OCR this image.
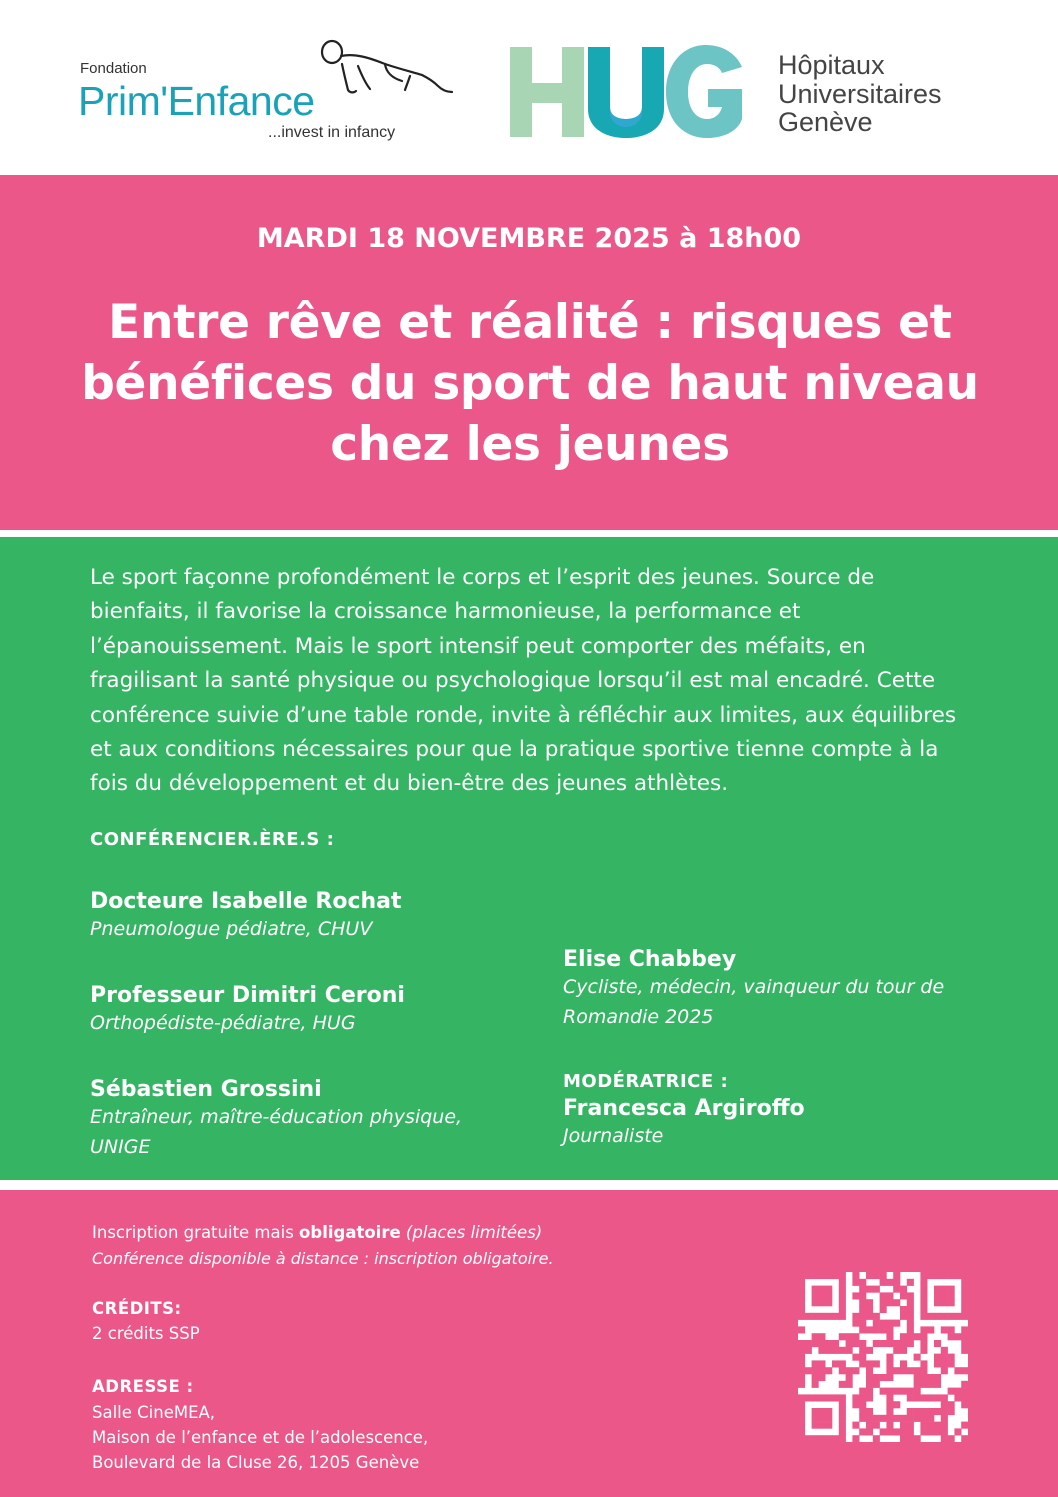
Fondation
Prim'Enfance
...invest in infancy
Hôpitaux
Universitaires
Genève
MARDI 18 NOVEMBRE 2025 à 18h00
Entre rêve et réalité : risques et bénéfices du sport de haut niveau chez les jeunes

Le sport façonne profondément le corps et l’esprit des jeunes. Source de bienfaits, il favorise la croissance harmonieuse, la performance et l’épanouissement. Mais le sport intensif peut comporter des méfaits, en fragilisant la santé physique ou psychologique lorsqu’il est mal encadré. Cette conférence suivie d’une table ronde, invite à réfléchir aux limites, aux équilibres et aux conditions nécessaires pour que la pratique sportive tienne compte à la fois du développement et du bien-être des jeunes athlètes.

CONFÉRENCIER.ÈRE.S :
Docteure Isabelle Rochat
Pneumologue pédiatre, CHUV
Professeur Dimitri Ceroni
Orthopédiste-pédiatre, HUG
Sébastien Grossini
Entraîneur, maître-éducation physique, UNIGE
Elise Chabbey
Cycliste, médecin, vainqueur du tour de Romandie 2025
MODÉRATRICE :
Francesca Argiroffo
Journaliste
Inscription gratuite mais obligatoire (places limitées)
Conférence disponible à distance : inscription obligatoire.
CRÉDITS:
2 crédits SSP
ADRESSE :
Salle CineMEA,
Maison de l’enfance et de l’adolescence,
Boulevard de la Cluse 26, 1205 Genève
